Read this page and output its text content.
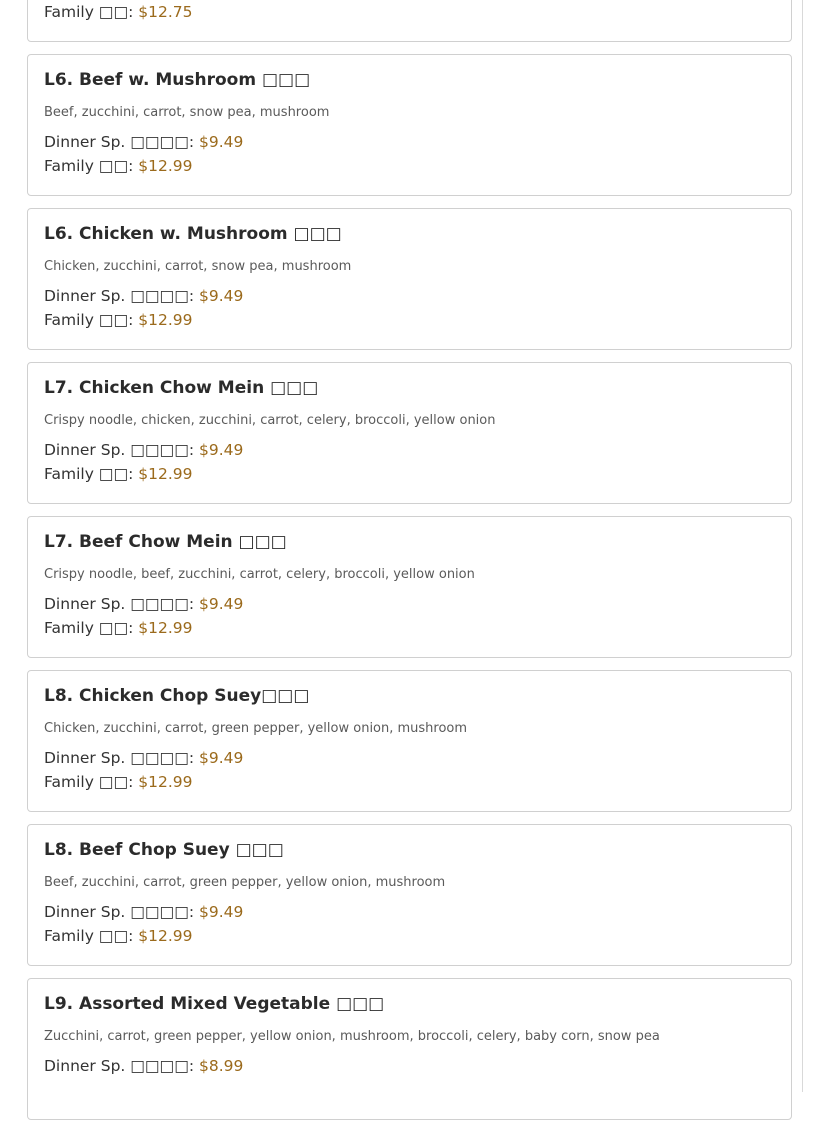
Family □□: $12.75
L6. Beef w. Mushroom □□□
Beef, zucchini, carrot, snow pea, mushroom
Dinner Sp. □□□□: $9.49
Family □□: $12.99
L6. Chicken w. Mushroom □□□
Chicken, zucchini, carrot, snow pea, mushroom
Dinner Sp. □□□□: $9.49
Family □□: $12.99
L7. Chicken Chow Mein □□□
Crispy noodle, chicken, zucchini, carrot, celery, broccoli, yellow onion
Dinner Sp. □□□□: $9.49
Family □□: $12.99
L7. Beef Chow Mein □□□
Crispy noodle, beef, zucchini, carrot, celery, broccoli, yellow onion
Dinner Sp. □□□□: $9.49
Family □□: $12.99
L8. Chicken Chop Suey□□□
Chicken, zucchini, carrot, green pepper, yellow onion, mushroom
Dinner Sp. □□□□: $9.49
Family □□: $12.99
L8. Beef Chop Suey □□□
Beef, zucchini, carrot, green pepper, yellow onion, mushroom
Dinner Sp. □□□□: $9.49
Family □□: $12.99
L9. Assorted Mixed Vegetable □□□
Zucchini, carrot, green pepper, yellow onion, mushroom, broccoli, celery, baby corn, snow pea
Dinner Sp. □□□□: $8.99
